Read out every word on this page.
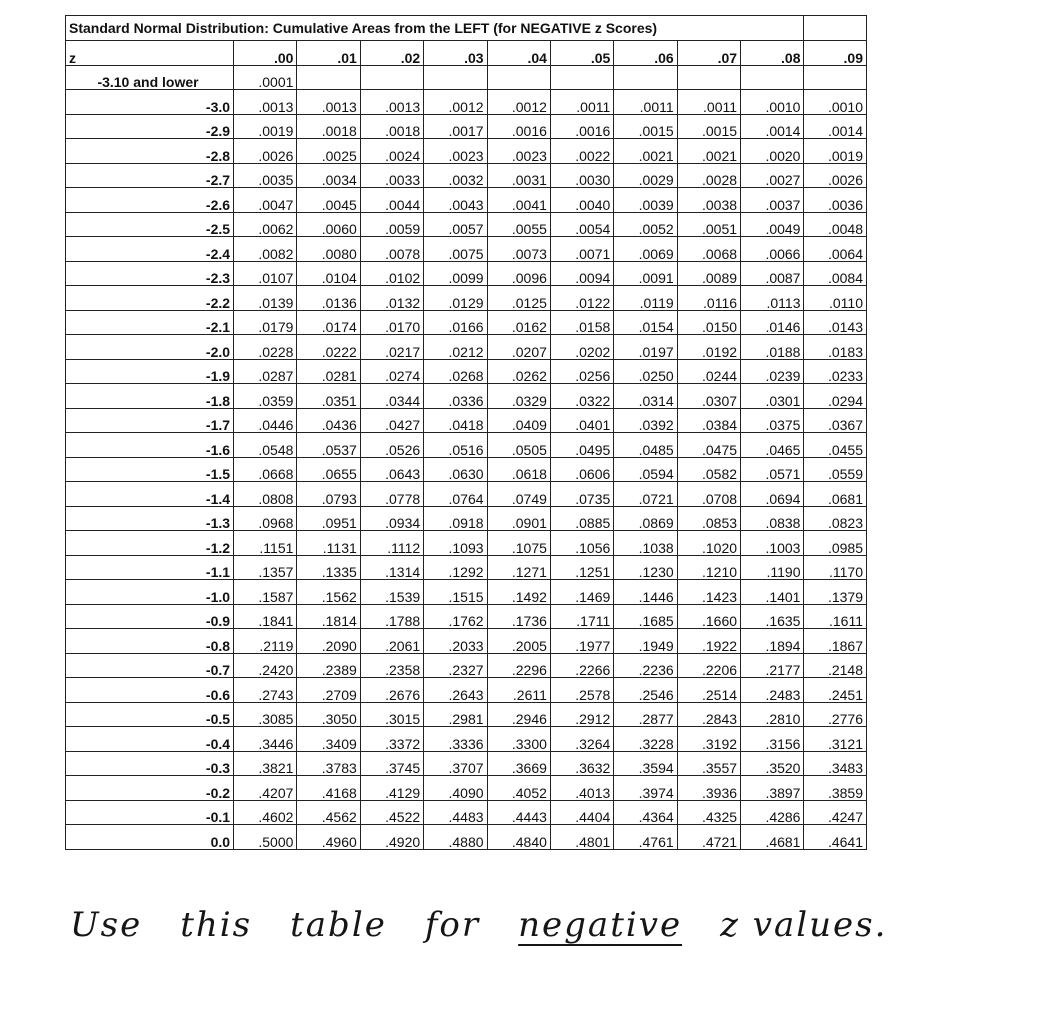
Standard Normal Distribution: Cumulative Areas from the LEFT (for NEGATIVE z Scores)										
z	.00	.01	.02	.03	.04	.05	.06	.07	.08	.09
-3.10 and lower	.0001									
-3.0	.0013	.0013	.0013	.0012	.0012	.0011	.0011	.0011	.0010	.0010
-2.9	.0019	.0018	.0018	.0017	.0016	.0016	.0015	.0015	.0014	.0014
-2.8	.0026	.0025	.0024	.0023	.0023	.0022	.0021	.0021	.0020	.0019
-2.7	.0035	.0034	.0033	.0032	.0031	.0030	.0029	.0028	.0027	.0026
-2.6	.0047	.0045	.0044	.0043	.0041	.0040	.0039	.0038	.0037	.0036
-2.5	.0062	.0060	.0059	.0057	.0055	.0054	.0052	.0051	.0049	.0048
-2.4	.0082	.0080	.0078	.0075	.0073	.0071	.0069	.0068	.0066	.0064
-2.3	.0107	.0104	.0102	.0099	.0096	.0094	.0091	.0089	.0087	.0084
-2.2	.0139	.0136	.0132	.0129	.0125	.0122	.0119	.0116	.0113	.0110
-2.1	.0179	.0174	.0170	.0166	.0162	.0158	.0154	.0150	.0146	.0143
-2.0	.0228	.0222	.0217	.0212	.0207	.0202	.0197	.0192	.0188	.0183
-1.9	.0287	.0281	.0274	.0268	.0262	.0256	.0250	.0244	.0239	.0233
-1.8	.0359	.0351	.0344	.0336	.0329	.0322	.0314	.0307	.0301	.0294
-1.7	.0446	.0436	.0427	.0418	.0409	.0401	.0392	.0384	.0375	.0367
-1.6	.0548	.0537	.0526	.0516	.0505	.0495	.0485	.0475	.0465	.0455
-1.5	.0668	.0655	.0643	.0630	.0618	.0606	.0594	.0582	.0571	.0559
-1.4	.0808	.0793	.0778	.0764	.0749	.0735	.0721	.0708	.0694	.0681
-1.3	.0968	.0951	.0934	.0918	.0901	.0885	.0869	.0853	.0838	.0823
-1.2	.1151	.1131	.1112	.1093	.1075	.1056	.1038	.1020	.1003	.0985
-1.1	.1357	.1335	.1314	.1292	.1271	.1251	.1230	.1210	.1190	.1170
-1.0	.1587	.1562	.1539	.1515	.1492	.1469	.1446	.1423	.1401	.1379
-0.9	.1841	.1814	.1788	.1762	.1736	.1711	.1685	.1660	.1635	.1611
-0.8	.2119	.2090	.2061	.2033	.2005	.1977	.1949	.1922	.1894	.1867
-0.7	.2420	.2389	.2358	.2327	.2296	.2266	.2236	.2206	.2177	.2148
-0.6	.2743	.2709	.2676	.2643	.2611	.2578	.2546	.2514	.2483	.2451
-0.5	.3085	.3050	.3015	.2981	.2946	.2912	.2877	.2843	.2810	.2776
-0.4	.3446	.3409	.3372	.3336	.3300	.3264	.3228	.3192	.3156	.3121
-0.3	.3821	.3783	.3745	.3707	.3669	.3632	.3594	.3557	.3520	.3483
-0.2	.4207	.4168	.4129	.4090	.4052	.4013	.3974	.3936	.3897	.3859
-0.1	.4602	.4562	.4522	.4483	.4443	.4404	.4364	.4325	.4286	.4247
0.0	.5000	.4960	.4920	.4880	.4840	.4801	.4761	.4721	.4681	.4641
Use this table for negative z values.
